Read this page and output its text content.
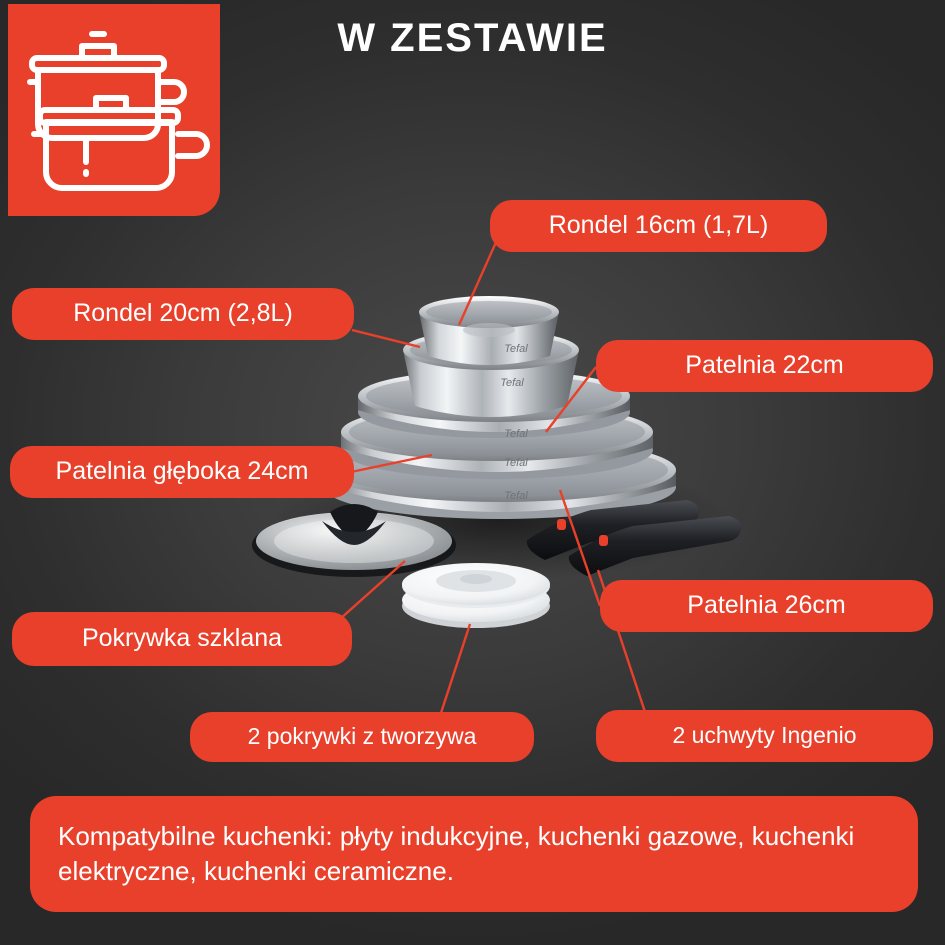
Tefal
Tefal
Tefal
Tefal
Tefal
W ZESTAWIE
Rondel 16cm (1,7L)
Rondel 20cm (2,8L)
Patelnia 22cm
Patelnia głęboka 24cm
Patelnia 26cm
Pokrywka szklana
2 pokrywki z tworzywa	2 uchwyty Ingenio
Kompatybilne kuchenki: płyty indukcyjne, kuchenki gazowe, kuchenki elektryczne, kuchenki ceramiczne.
